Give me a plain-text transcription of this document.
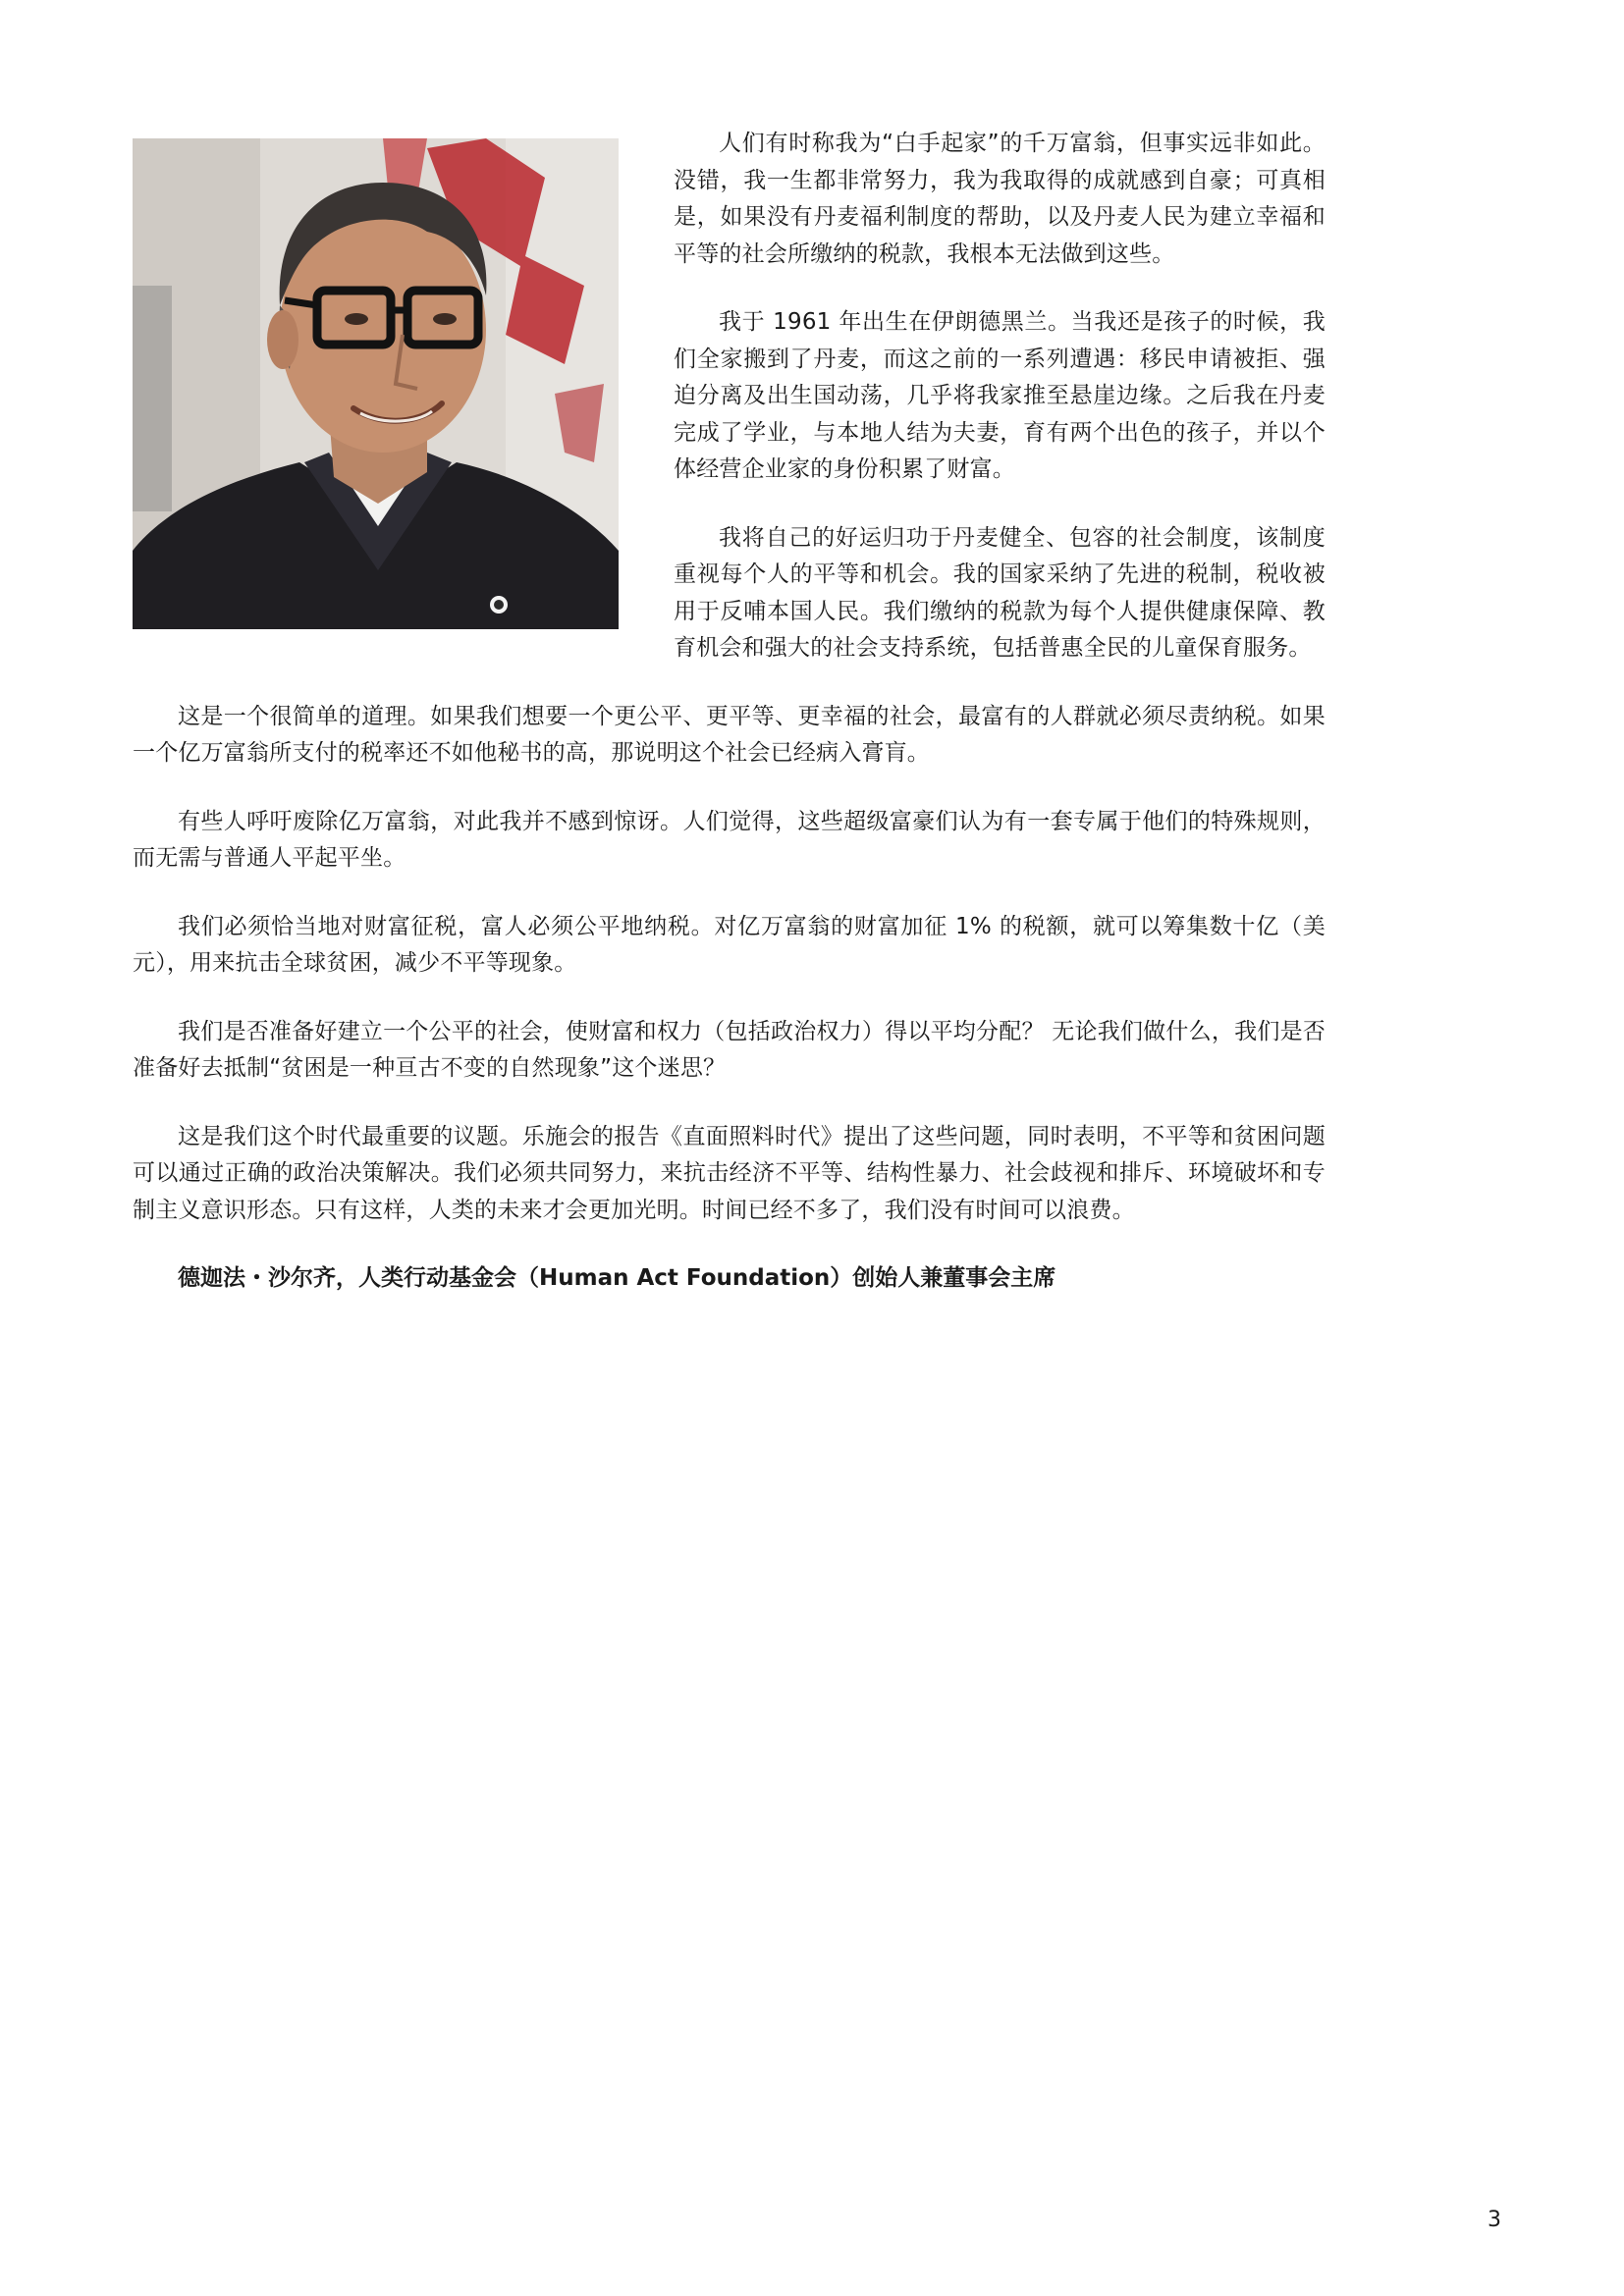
人们有时称我为“白手起家”的千万富翁，但事实远非如此。没错，我一生都非常努力，我为我取得的成就感到自豪；可真相是，如果没有丹麦福利制度的帮助，以及丹麦人民为建立幸福和平等的社会所缴纳的税款，我根本无法做到这些。

我于 1961 年出生在伊朗德黑兰。当我还是孩子的时候，我们全家搬到了丹麦，而这之前的一系列遭遇：移民申请被拒、强迫分离及出生国动荡，几乎将我家推至悬崖边缘。之后我在丹麦完成了学业，与本地人结为夫妻，育有两个出色的孩子，并以个体经营企业家的身份积累了财富。

我将自己的好运归功于丹麦健全、包容的社会制度，该制度重视每个人的平等和机会。我的国家采纳了先进的税制，税收被用于反哺本国人民。我们缴纳的税款为每个人提供健康保障、教育机会和强大的社会支持系统，包括普惠全民的儿童保育服务。

这是一个很简单的道理。如果我们想要一个更公平、更平等、更幸福的社会，最富有的人群就必须尽责纳税。如果一个亿万富翁所支付的税率还不如他秘书的高，那说明这个社会已经病入膏肓。

有些人呼吁废除亿万富翁，对此我并不感到惊讶。人们觉得，这些超级富豪们认为有一套专属于他们的特殊规则，而无需与普通人平起平坐。

我们必须恰当地对财富征税，富人必须公平地纳税。对亿万富翁的财富加征 1% 的税额，就可以筹集数十亿（美元），用来抗击全球贫困，减少不平等现象。

我们是否准备好建立一个公平的社会，使财富和权力（包括政治权力）得以平均分配？ 无论我们做什么，我们是否准备好去抵制“贫困是一种亘古不变的自然现象”这个迷思？

这是我们这个时代最重要的议题。乐施会的报告《直面照料时代》提出了这些问题，同时表明，不平等和贫困问题可以通过正确的政治决策解决。我们必须共同努力，来抗击经济不平等、结构性暴力、社会歧视和排斥、环境破坏和专制主义意识形态。只有这样，人类的未来才会更加光明。时间已经不多了，我们没有时间可以浪费。

德迦法・沙尔齐，人类行动基金会（Human Act Foundation）创始人兼董事会主席

3
